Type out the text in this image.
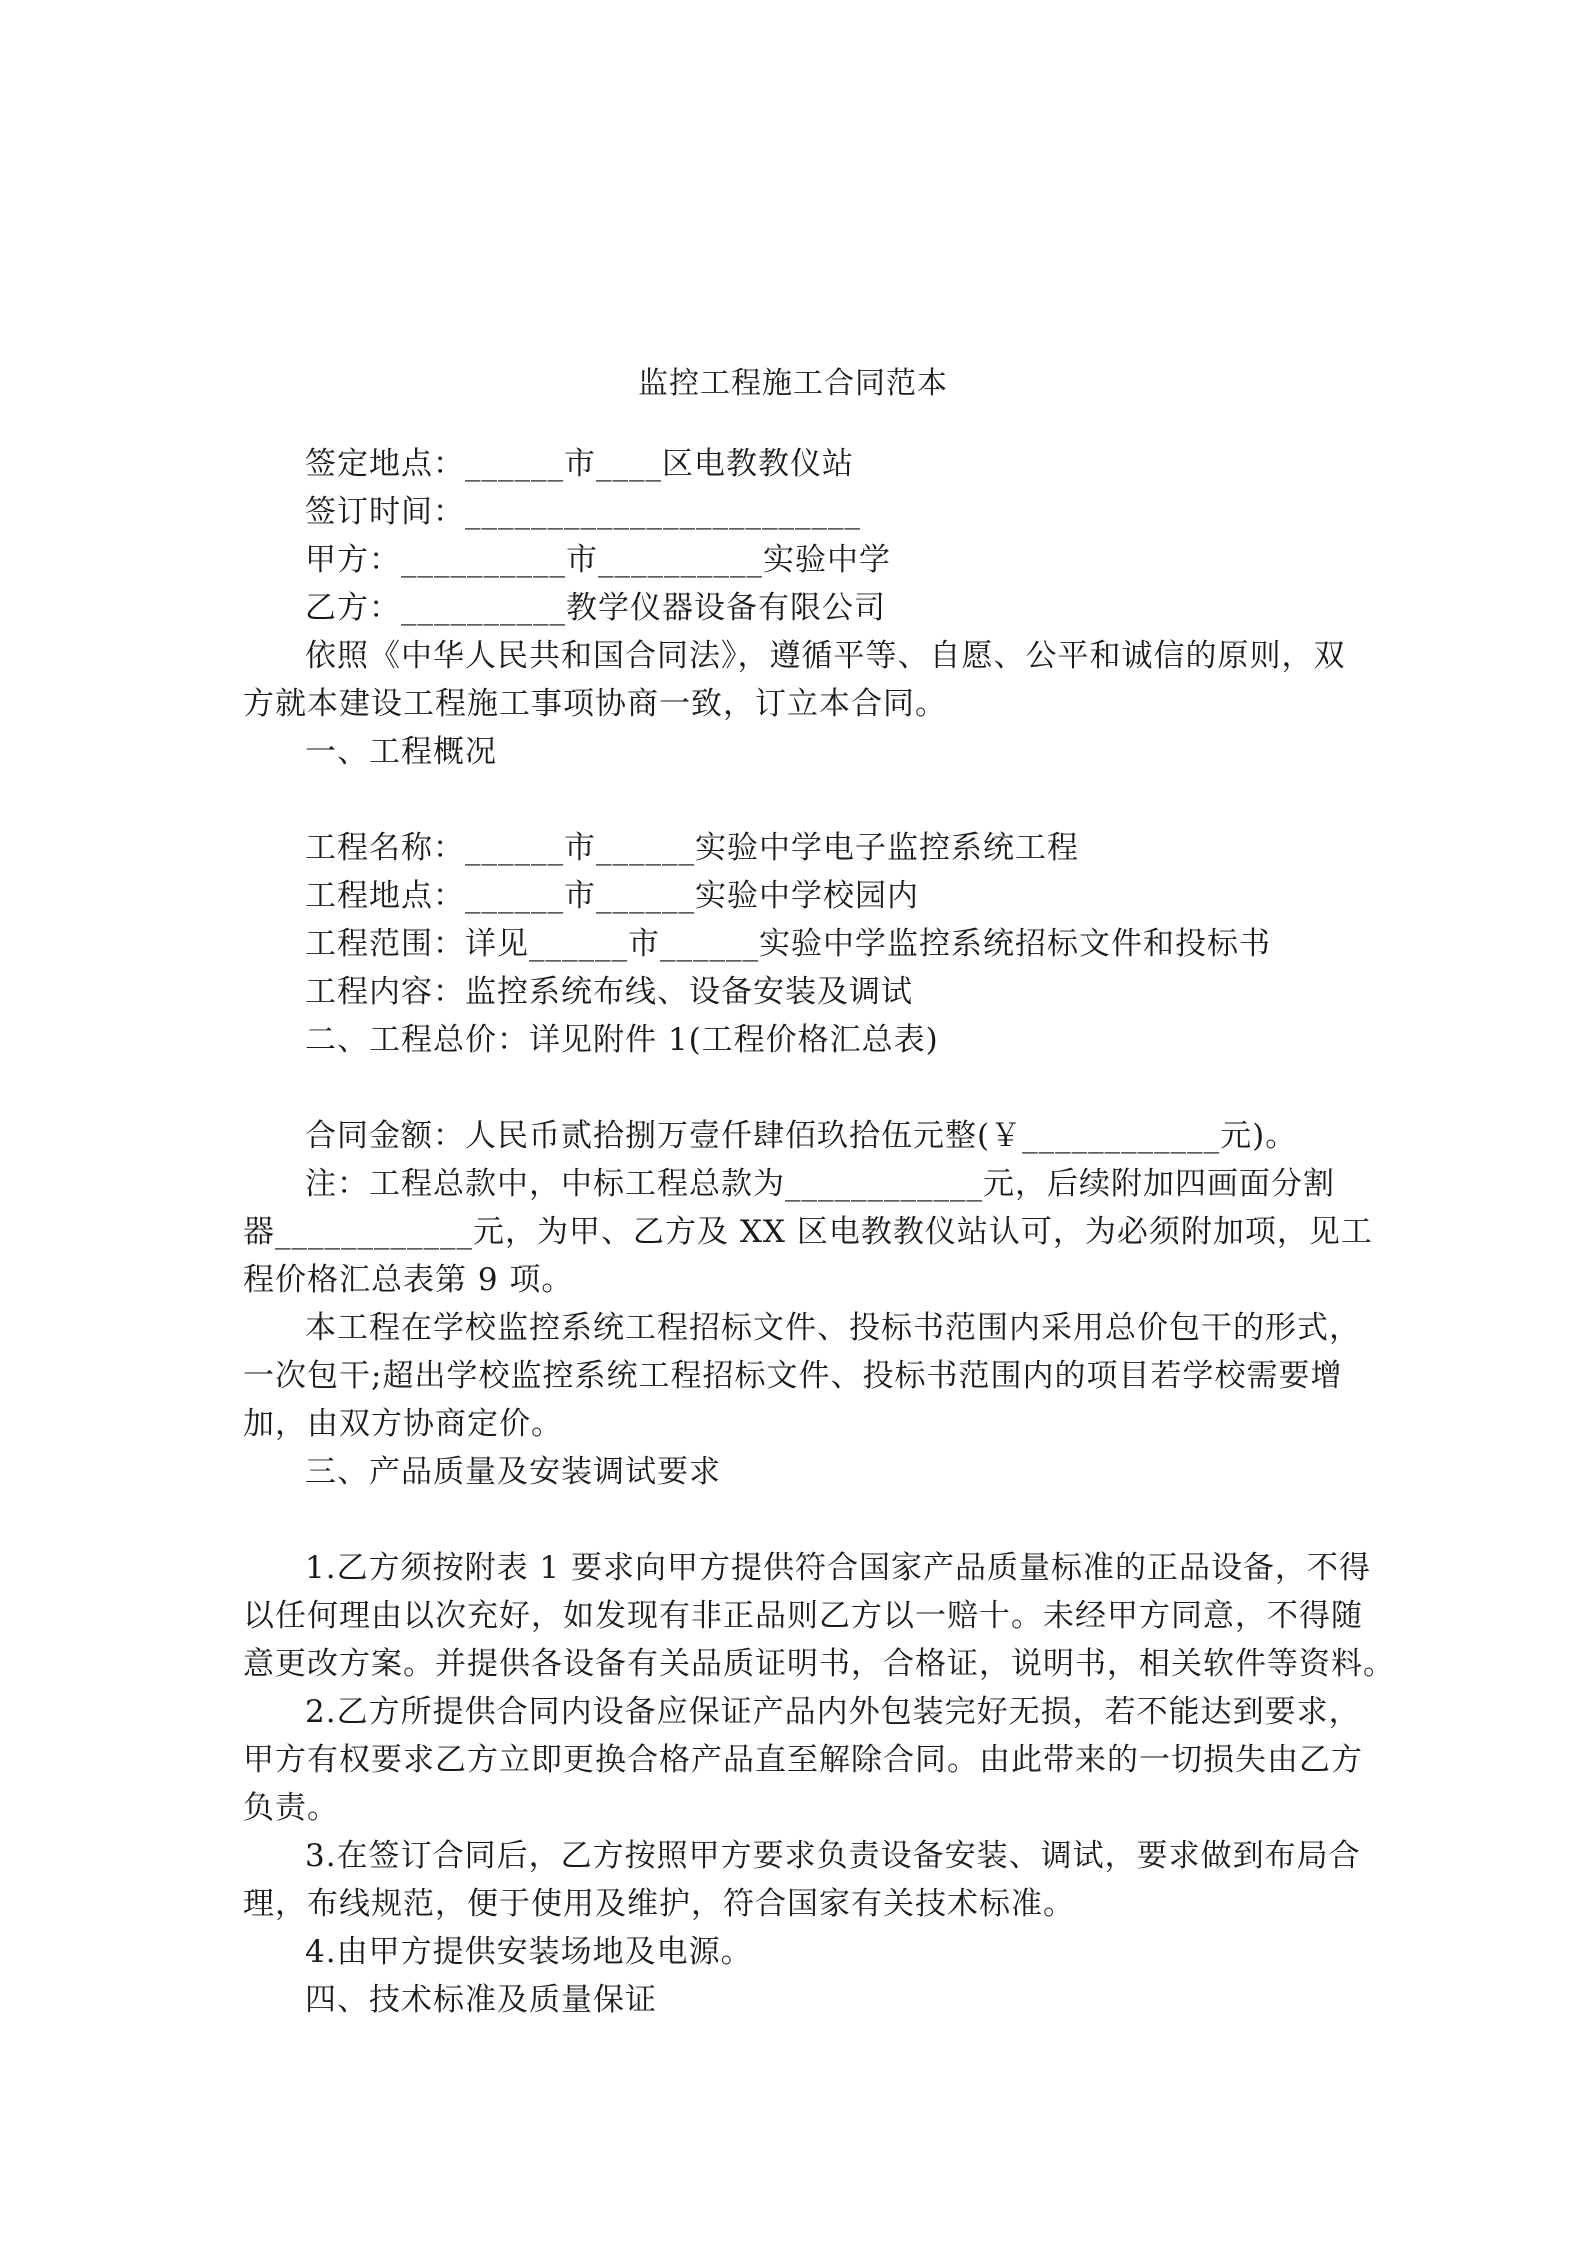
监控工程施工合同范本
签定地点：______市____区电教教仪站
签订时间：________________________
甲方：__________市__________实验中学
乙方：__________教学仪器设备有限公司
依照《中华人民共和国合同法》，遵循平等、自愿、公平和诚信的原则，双
方就本建设工程施工事项协商一致，订立本合同。
一、工程概况
工程名称：______市______实验中学电子监控系统工程
工程地点：______市______实验中学校园内
工程范围：详见______市______实验中学监控系统招标文件和投标书
工程内容：监控系统布线、设备安装及调试
二、工程总价：详见附件 1(工程价格汇总表)
合同金额：人民币贰拾捌万壹仟肆佰玖拾伍元整(￥____________元)。
注：工程总款中，中标工程总款为____________元，后续附加四画面分割
器____________元，为甲、乙方及 XX 区电教教仪站认可，为必须附加项，见工
程价格汇总表第 9 项。
本工程在学校监控系统工程招标文件、投标书范围内采用总价包干的形式，
一次包干;超出学校监控系统工程招标文件、投标书范围内的项目若学校需要增
加，由双方协商定价。
三、产品质量及安装调试要求
1.乙方须按附表 1 要求向甲方提供符合国家产品质量标准的正品设备，不得
以任何理由以次充好，如发现有非正品则乙方以一赔十。未经甲方同意，不得随
意更改方案。并提供各设备有关品质证明书，合格证，说明书，相关软件等资料。
2.乙方所提供合同内设备应保证产品内外包装完好无损，若不能达到要求，
甲方有权要求乙方立即更换合格产品直至解除合同。由此带来的一切损失由乙方
负责。
3.在签订合同后，乙方按照甲方要求负责设备安装、调试，要求做到布局合
理，布线规范，便于使用及维护，符合国家有关技术标准。
4.由甲方提供安装场地及电源。
四、技术标准及质量保证
